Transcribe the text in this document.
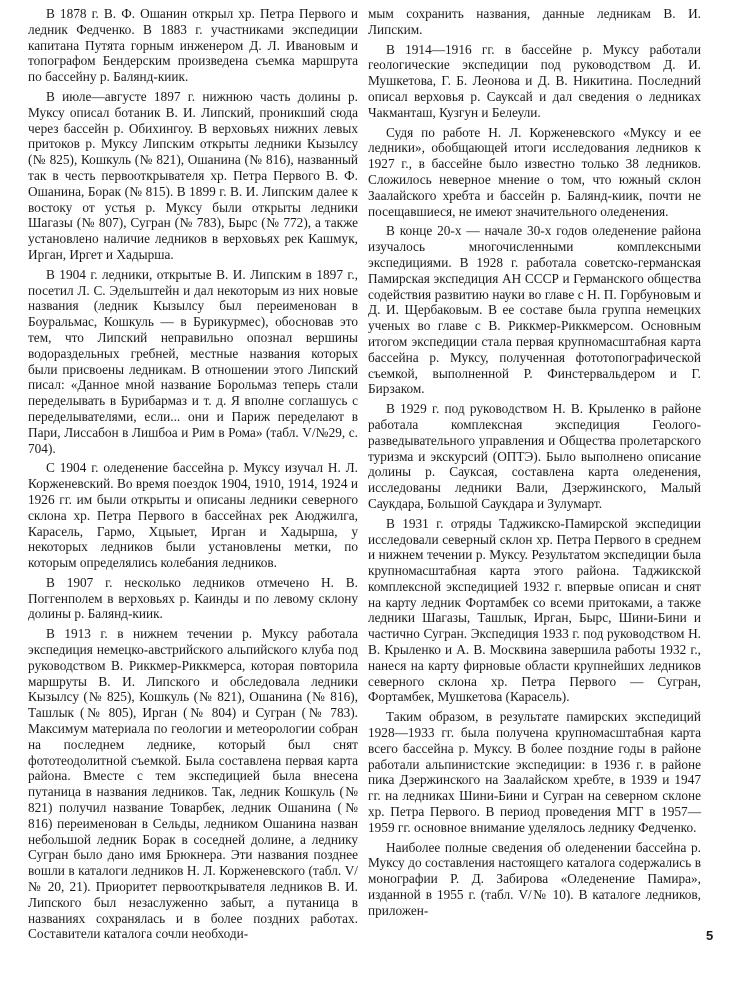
В 1878 г. В. Ф. Ошанин открыл хр. Петра Первого и ледник Федченко. В 1883 г. участниками экспедиции капитана Путята горным инженером Д. Л. Ивановым и топографом Бендерским произведена съемка маршрута по бассейну р. Балянд-киик.

В июле—августе 1897 г. нижнюю часть долины р. Муксу описал ботаник В. И. Липский, проникший сюда через бассейн р. Обихингоу. В верховьях нижних левых притоков р. Муксу Липским открыты ледники Кызылсу (№ 825), Кошкуль (№ 821), Ошанина (№ 816), названный так в честь первооткрывателя хр. Петра Первого В. Ф. Ошанина, Борак (№ 815). В 1899 г. В. И. Липским далее к востоку от устья р. Муксу были открыты ледники Шагазы (№ 807), Сугран (№ 783), Бырс (№ 772), а также установлено наличие ледников в верховьях рек Кашмук, Ирган, Иргет и Хадырша.

В 1904 г. ледники, открытые В. И. Липским в 1897 г., посетил Л. С. Эдельштейн и дал некоторым из них новые названия (ледник Кызылсу был переименован в Боуральмас, Кошкуль — в Бурикурмес), обосновав это тем, что Липский неправильно опознал вершины водораздельных гребней, местные названия которых были присвоены ледникам. В отношении этого Липский писал: «Данное мной название Борольмаз теперь стали переделывать в Бурибармаз и т. д. Я вполне соглашусь с переделывателями, если... они и Париж переделают в Пари, Лиссабон в Лишбоа и Рим в Рома» (табл. V/№29, с. 704).

С 1904 г. оледенение бассейна р. Муксу изучал Н. Л. Корженевский. Во время поездок 1904, 1910, 1914, 1924 и 1926 гг. им были открыты и описаны ледники северного склона хр. Петра Первого в бассейнах рек Аюджилга, Карасель, Гармо, Хцыыет, Ирган и Хадырша, у некоторых ледников были установлены метки, по которым определялись колебания ледников.

В 1907 г. несколько ледников отмечено Н. В. Поггенполем в верховьях р. Каинды и по левому склону долины р. Балянд-киик.

В 1913 г. в нижнем течении р. Муксу работала экспедиция немецко-австрийского альпийского клуба под руководством В. Риккмер-Риккмерса, которая повторила маршруты В. И. Липского и обследовала ледники Кызылсу (№ 825), Кошкуль (№ 821), Ошанина (№ 816), Ташлык (№ 805), Ирган (№ 804) и Сугран (№ 783). Максимум материала по геологии и метеорологии собран на последнем леднике, который был снят фототеодолитной съемкой. Была составлена первая карта района. Вместе с тем экспедицией была внесена путаница в названия ледников. Так, ледник Кошкуль (№ 821) получил название Товарбек, ледник Ошанина (№ 816) переименован в Сельды, ледником Ошанина назван небольшой ледник Борак в соседней долине, а леднику Сугран было дано имя Брюкнера. Эти названия позднее вошли в каталоги ледников Н. Л. Корженевского (табл. V/№ 20, 21). Приоритет первооткрывателя ледников В. И. Липского был незаслуженно забыт, а путаница в названиях сохранялась и в более поздних работах. Составители каталога сочли необходи-

мым сохранить названия, данные ледникам В. И. Липским.

В 1914—1916 гг. в бассейне р. Муксу работали геологические экспедиции под руководством Д. И. Мушкетова, Г. Б. Леонова и Д. В. Никитина. Последний описал верховья р. Сауксай и дал сведения о ледниках Чакманташ, Кузгун и Белеули.

Судя по работе Н. Л. Корженевского «Муксу и ее ледники», обобщающей итоги исследования ледников к 1927 г., в бассейне было известно только 38 ледников. Сложилось неверное мнение о том, что южный склон Заалайского хребта и бассейн р. Балянд-киик, почти не посещавшиеся, не имеют значительного оледенения.

В конце 20-х — начале 30-х годов оледенение района изучалось многочисленными комплексными экспедициями. В 1928 г. работала советско-германская Памирская экспедиция АН СССР и Германского общества содействия развитию науки во главе с Н. П. Горбуновым и Д. И. Щербаковым. В ее составе была группа немецких ученых во главе с В. Риккмер-Риккмерсом. Основным итогом экспедиции стала первая крупномасштабная карта бассейна р. Муксу, полученная фототопографической съемкой, выполненной Р. Финстервальдером и Г. Бирзаком.

В 1929 г. под руководством Н. В. Крыленко в районе работала комплексная экспедиция Геолого-разведывательного управления и Общества пролетарского туризма и экскурсий (ОПТЭ). Было выполнено описание долины р. Сауксая, составлена карта оледенения, исследованы ледники Вали, Дзержинского, Малый Саукдара, Большой Саукдара и Зулумарт.

В 1931 г. отряды Таджикско-Памирской экспедиции исследовали северный склон хр. Петра Первого в среднем и нижнем течении р. Муксу. Результатом экспедиции была крупномасштабная карта этого района. Таджикской комплексной экспедицией 1932 г. впервые описан и снят на карту ледник Фортамбек со всеми притоками, а также ледники Шагазы, Ташлык, Ирган, Бырс, Шини-Бини и частично Сугран. Экспедиция 1933 г. под руководством Н. В. Крыленко и А. В. Москвина завершила работы 1932 г., нанеся на карту фирновые области крупнейших ледников северного склона хр. Петра Первого — Сугран, Фортамбек, Мушкетова (Карасель).

Таким образом, в результате памирских экспедиций 1928—1933 гг. была получена крупномасштабная карта всего бассейна р. Муксу. В более поздние годы в районе работали альпинистские экспедиции: в 1936 г. в районе пика Дзержинского на Заалайском хребте, в 1939 и 1947 гг. на ледниках Шини-Бини и Сугран на северном склоне хр. Петра Первого. В период проведения МГГ в 1957—1959 гг. основное внимание уделялось леднику Федченко.

Наиболее полные сведения об оледенении бассейна р. Муксу до составления настоящего каталога содержались в монографии Р. Д. Забирова «Оледенение Памира», изданной в 1955 г. (табл. V/№ 10). В каталоге ледников, приложен-

5
